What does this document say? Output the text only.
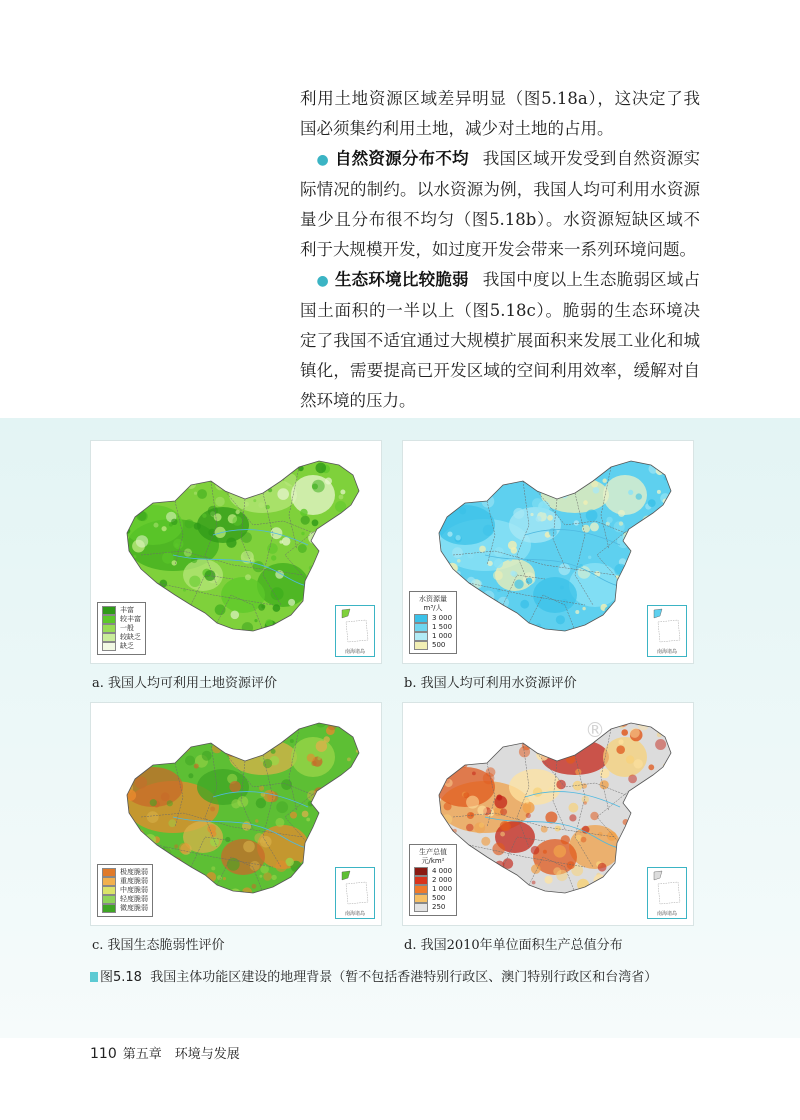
利用土地资源区域差异明显（图5.18a），这决定了我国必须集约利用土地，减少对土地的占用。

● 自然资源分布不均 我国区域开发受到自然资源实际情况的制约。以水资源为例，我国人均可利用水资源量少且分布很不均匀（图5.18b）。水资源短缺区域不利于大规模开发，如过度开发会带来一系列环境问题。

● 生态环境比较脆弱 我国中度以上生态脆弱区域占国土面积的一半以上（图5.18c）。脆弱的生态环境决定了我国不适宜通过大规模扩展面积来发展工业化和城镇化，需要提高已开发区域的空间利用效率，缓解对自然环境的压力。

丰富
较丰富
一般
较缺乏
缺乏
南海诸岛
水资源量
m³/人
3 000
1 500
1 000
500
南海诸岛
极度脆弱
重度脆弱
中度脆弱
轻度脆弱
微度脆弱
南海诸岛
生产总值
元/km²
4 000
2 000
1 000
500
250
南海诸岛
a. 我国人均可利用土地资源评价	b. 我国人均可利用水资源评价
c. 我国生态脆弱性评价	d. 我国2010年单位面积生产总值分布
®
图5.18 我国主体功能区建设的地理背景（暂不包括香港特别行政区、澳门特别行政区和台湾省）
110 第五章　环境与发展
